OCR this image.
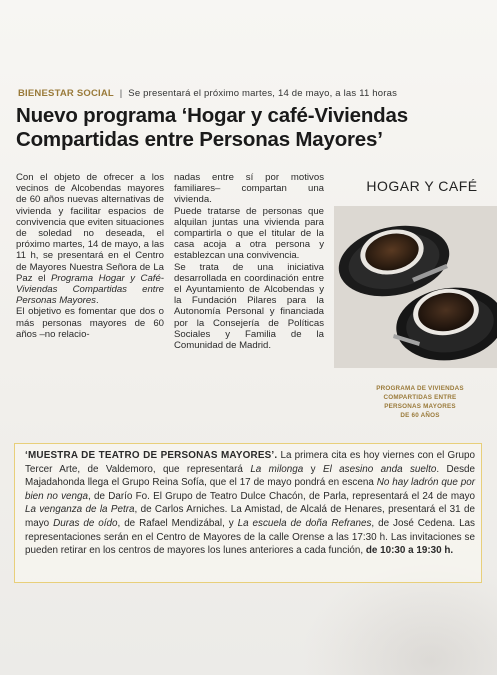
BIENESTAR SOCIAL | Se presentará el próximo martes, 14 de mayo, a las 11 horas
Nuevo programa ‘Hogar y café-Viviendas
Compartidas entre Personas Mayores’

Con el objeto de ofrecer a los vecinos de Alcobendas mayores de 60 años nuevas alternativas de vivienda y facilitar espacios de convivencia que eviten situaciones de soledad no deseada, el próximo martes, 14 de mayo, a las 11 h, se presentará en el Centro de Mayores Nuestra Señora de La Paz el Programa Hogar y Café-Viviendas Compartidas entre Personas Mayores.

El objetivo es fomentar que dos o más personas mayores de 60 años –no relacio-

nadas entre sí por motivos familiares– compartan una vivienda.

Puede tratarse de personas que alquilan juntas una vivienda para compartirla o que el titular de la casa acoja a otra persona y establezcan una convivencia.

Se trata de una iniciativa desarrollada en coordinación entre el Ayuntamiento de Alcobendas y la Fundación Pilares para la Autonomía Personal y financiada por la Consejería de Políticas Sociales y Familia de la Comunidad de Madrid.

HOGAR Y CAFÉ
PROGRAMA DE VIVIENDAS
COMPARTIDAS ENTRE
PERSONAS MAYORES
DE 60 AÑOS
‘MUESTRA DE TEATRO DE PERSONAS MAYORES’. La primera cita es hoy viernes con el Grupo Tercer Arte, de Valdemoro, que representará La milonga y El asesino anda suelto. Desde Majadahonda llega el Grupo Reina Sofía, que el 17 de mayo pondrá en escena No hay ladrón que por bien no venga, de Darío Fo. El Grupo de Teatro Dulce Chacón, de Parla, representará el 24 de mayo La venganza de la Petra, de Carlos Arniches. La Amistad, de Alcalá de Henares, presentará el 31 de mayo Duras de oído, de Rafael Mendizábal, y La escuela de doña Refranes, de José Cedena. Las representaciones serán en el Centro de Mayores de la calle Orense a las 17:30 h. Las invitaciones se pueden retirar en los centros de mayores los lunes anteriores a cada función, de 10:30 a 19:30 h.
